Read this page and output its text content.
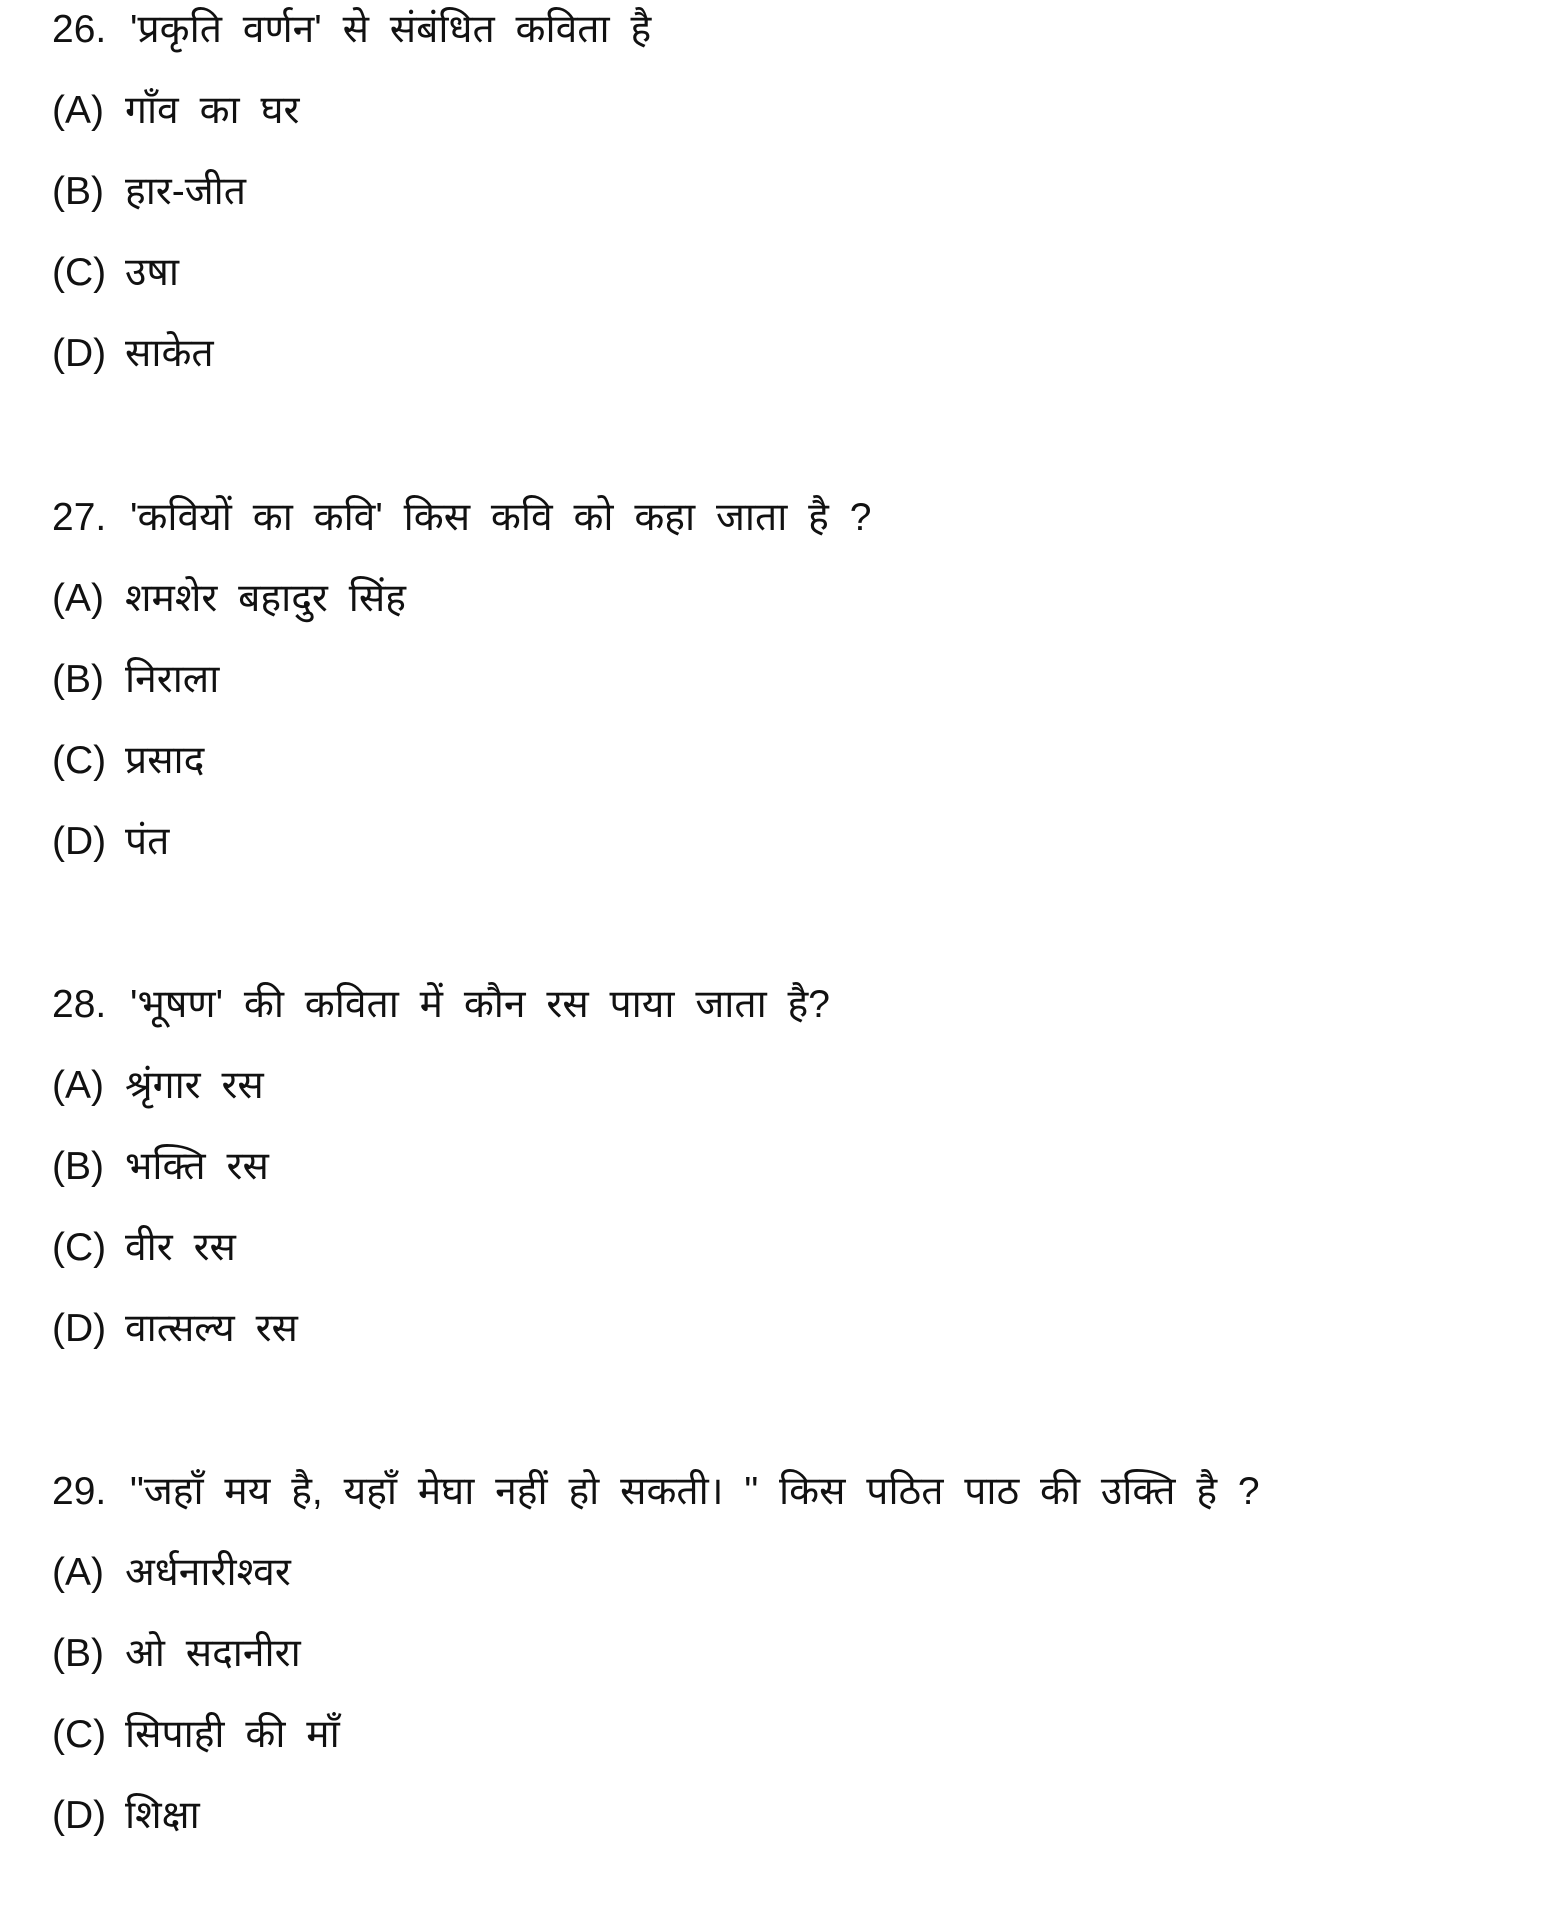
26. 'प्रकृति वर्णन' से संबंधित कविता है
(A) गाँव का घर
(B) हार-जीत
(C) उषा
(D) साकेत
27. 'कवियों का कवि' किस कवि को कहा जाता है ?
(A) शमशेर बहादुर सिंह
(B) निराला
(C) प्रसाद
(D) पंत
28. 'भूषण' की कविता में कौन रस पाया जाता है?
(A) श्रृंगार रस
(B) भक्ति रस
(C) वीर रस
(D) वात्सल्य रस
29. "जहाँ मय है, यहाँ मेघा नहीं हो सकती। " किस पठित पाठ की उक्ति है ?
(A) अर्धनारीश्वर
(B) ओ सदानीरा
(C) सिपाही की माँ
(D) शिक्षा
